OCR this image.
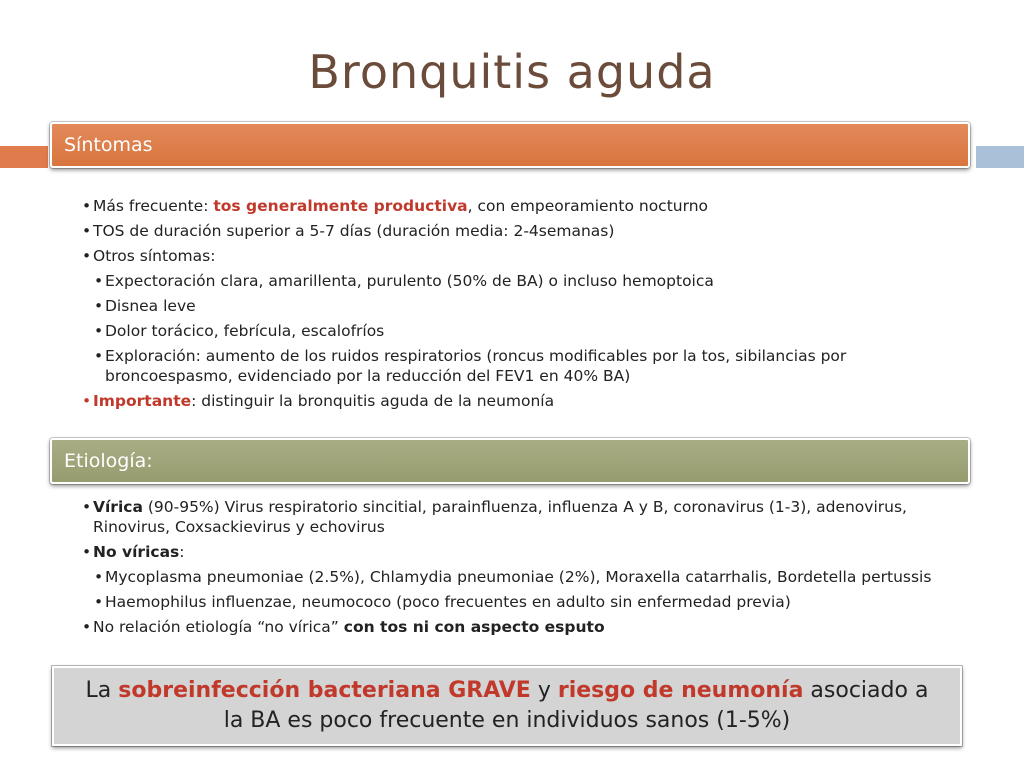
Bronquitis aguda
Síntomas
• Más frecuente: tos generalmente productiva, con empeoramiento nocturno
• TOS de duración superior a 5-7 días (duración media: 2-4semanas)
• Otros síntomas:
• Expectoración clara, amarillenta, purulento (50% de BA) o incluso hemoptoica
• Disnea leve
• Dolor torácico, febrícula, escalofríos
• Exploración: aumento de los ruidos respiratorios (roncus modificables por la tos, sibilancias por broncoespasmo, evidenciado por la reducción del FEV1 en 40% BA)
• Importante: distinguir la bronquitis aguda de la neumonía
Etiología:
• Vírica (90-95%) Virus respiratorio sincitial, parainfluenza, influenza A y B, coronavirus (1-3), adenovirus, Rinovirus, Coxsackievirus y echovirus
• No víricas:
• Mycoplasma pneumoniae (2.5%), Chlamydia pneumoniae (2%), Moraxella catarrhalis, Bordetella pertussis
• Haemophilus influenzae, neumococo (poco frecuentes en adulto sin enfermedad previa)
• No relación etiología “no vírica” con tos ni con aspecto esputo
La sobreinfección bacteriana GRAVE y riesgo de neumonía asociado a la BA es poco frecuente en individuos sanos (1-5%)
